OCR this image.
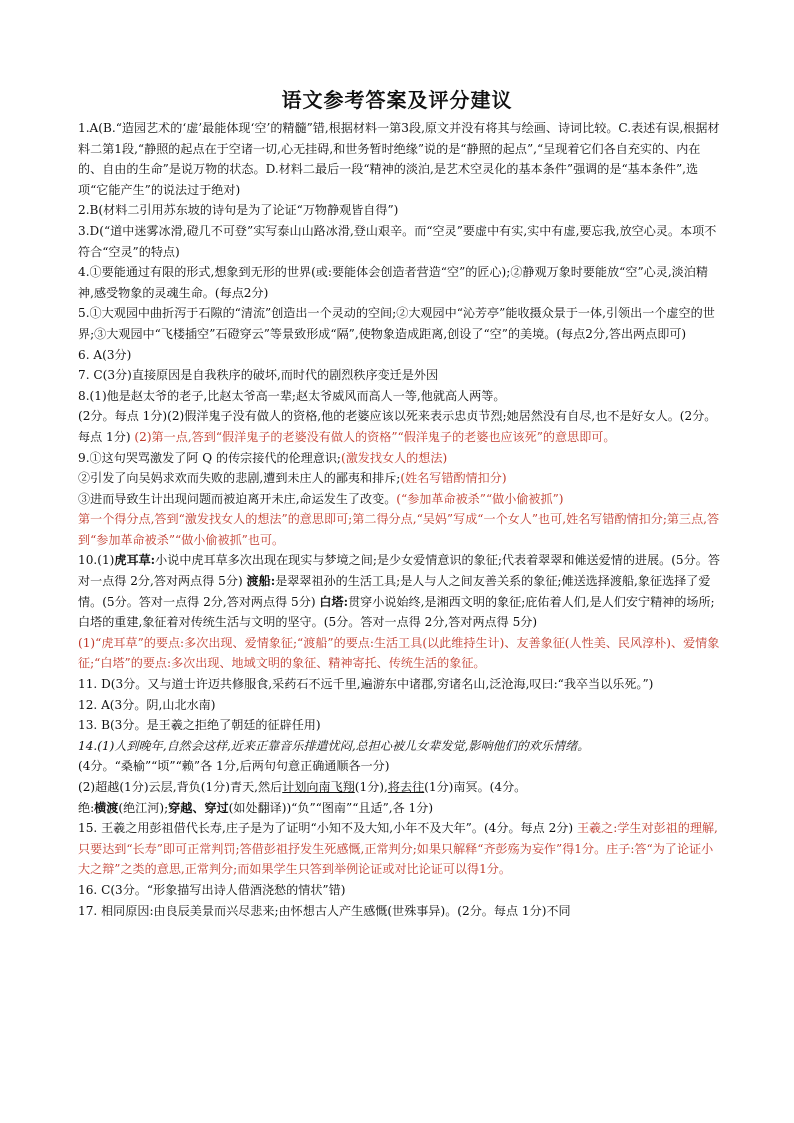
语文参考答案及评分建议

1.A(B.“造园艺术的‘虚’最能体现‘空’的精髓”错,根据材料一第3段,原文并没有将其与绘画、诗词比较。C.表述有误,根据材料二第1段,“静照的起点在于空诸一切,心无挂碍,和世务暂时绝缘”说的是“静照的起点”,“呈现着它们各自充实的、内在的、自由的生命”是说万物的状态。D.材料二最后一段“精神的淡泊,是艺术空灵化的基本条件”强调的是“基本条件”,选项“它能产生”的说法过于绝对)

2.B(材料二引用苏东坡的诗句是为了论证“万物静观皆自得”)

3.D(“道中迷雾冰滑,磴几不可登”实写泰山山路冰滑,登山艰辛。而“空灵”要虚中有实,实中有虚,要忘我,放空心灵。本项不符合“空灵”的特点)

4.①要能通过有限的形式,想象到无形的世界(或:要能体会创造者营造“空”的匠心);②静观万象时要能放“空”心灵,淡泊精神,感受物象的灵魂生命。(每点2分)

5.①大观园中曲折泻于石隙的“清流”创造出一个灵动的空间;②大观园中“沁芳亭”能收摄众景于一体,引领出一个虚空的世界;③大观园中“飞楼插空”石磴穿云”等景致形成“隔”,使物象造成距离,创设了“空”的美境。(每点2分,答出两点即可)

6. A(3分)

7. C(3分)直接原因是自我秩序的破坏,而时代的剧烈秩序变迁是外因

8.(1)他是赵太爷的老子,比赵太爷高一辈;赵太爷威风而高人一等,他就高人两等。

(2分。每点 1分)(2)假洋鬼子没有做人的资格,他的老婆应该以死来表示忠贞节烈;她居然没有自尽,也不是好女人。(2分。每点 1分) (2)第一点,答到“假洋鬼子的老婆没有做人的资格”“假洋鬼子的老婆也应该死”的意思即可。

9.①这句哭骂激发了阿 Q 的传宗接代的伦理意识;(激发找女人的想法)

②引发了向吴妈求欢而失败的悲剧,遭到未庄人的鄙夷和排斥;(姓名写错酌情扣分)

③进而导致生计出现问题而被迫离开未庄,命运发生了改变。(“参加革命被杀”“做小偷被抓”)

第一个得分点,答到“激发找女人的想法”的意思即可;第二得分点,“吴妈”写成“一个女人”也可,姓名写错酌情扣分;第三点,答到“参加革命被杀”“做小偷被抓”也可。

10.(1)虎耳草:小说中虎耳草多次出现在现实与梦境之间;是少女爱情意识的象征;代表着翠翠和傩送爱情的进展。(5分。答对一点得 2分,答对两点得 5分) 渡船:是翠翠祖孙的生活工具;是人与人之间友善关系的象征;傩送选择渡船,象征选择了爱情。(5分。答对一点得 2分,答对两点得 5分) 白塔:贯穿小说始终,是湘西文明的象征;庇佑着人们,是人们安宁精神的场所;白塔的重建,象征着对传统生活与文明的坚守。(5分。答对一点得 2分,答对两点得 5分)

(1)“虎耳草”的要点:多次出现、爱情象征;“渡船”的要点:生活工具(以此维持生计)、友善象征(人性美、民风淳朴)、爱情象征;“白塔”的要点:多次出现、地域文明的象征、精神寄托、传统生活的象征。

11. D(3分。又与道士许迈共修服食,采药石不远千里,遍游东中诸郡,穷诸名山,泛沧海,叹曰:“我卒当以乐死。”)

12. A(3分。阴,山北水南)

13. B(3分。是王羲之拒绝了朝廷的征辟任用)

14.(1)人到晚年,自然会这样,近来正靠音乐排遣忧闷,总担心被儿女辈发觉,影响他们的欢乐情绪。

(4分。“桑榆”“顷”“赖”各 1分,后两句句意正确通顺各一分)

(2)超越(1分)云层,背负(1分)青天,然后计划向南飞翔(1分),将去往(1分)南冥。(4分。

绝:横渡(绝江河);穿越、穿过(如处翻译))“负”“图南”“且适”,各 1分)

15. 王羲之用彭祖借代长寿,庄子是为了证明“小知不及大知,小年不及大年”。(4分。每点 2分) 王羲之:学生对彭祖的理解,只要达到“长寿”即可正常判罚;答借彭祖抒发生死感慨,正常判分;如果只解释“齐彭殇为妄作”得1分。庄子:答“为了论证小大之辩”之类的意思,正常判分;而如果学生只答到举例论证或对比论证可以得1分。

16. C(3分。“形象描写出诗人借酒浇愁的情状”错)

17. 相同原因:由良辰美景而兴尽悲来;由怀想古人产生感慨(世殊事异)。(2分。每点 1分)不同
